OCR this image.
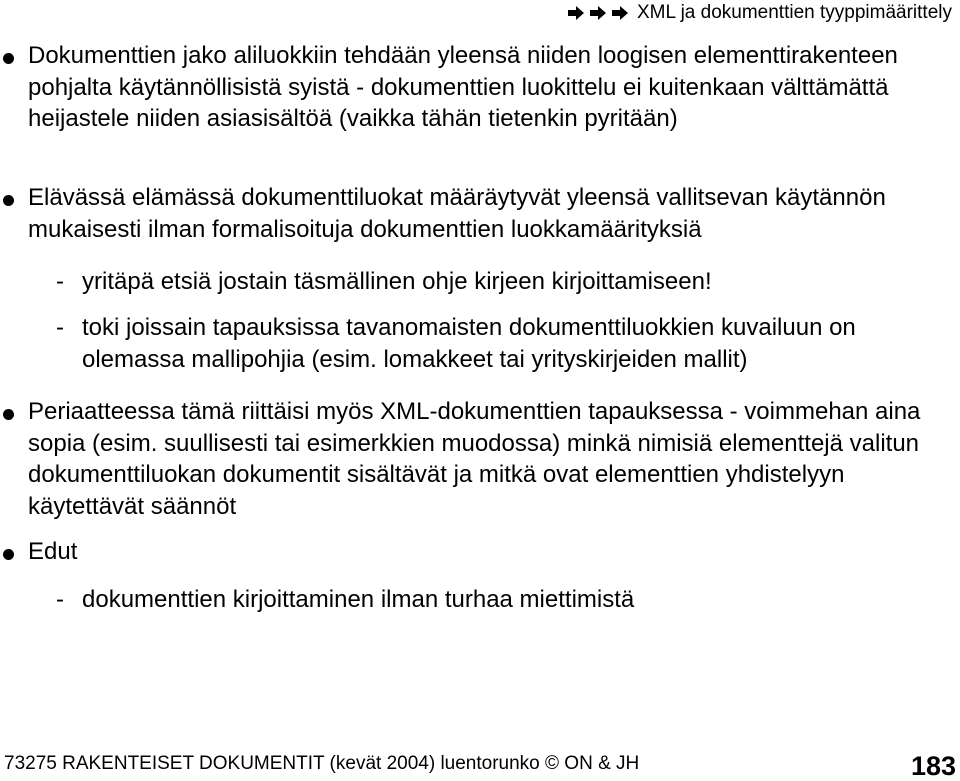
XML ja dokumenttien tyyppimäärittely
Dokumenttien jako aliluokkiin tehdään yleensä niiden loogisen elementtirakenteen pohjalta käytännöllisistä syistä - dokumenttien luokittelu ei kuitenkaan välttämättä heijastele niiden asiasisältöä (vaikka tähän tietenkin pyritään)
Elävässä elämässä dokumenttiluokat määräytyvät yleensä vallitsevan käytännön mukaisesti ilman formalisoituja dokumenttien luokkamäärityksiä
- yritäpä etsiä jostain täsmällinen ohje kirjeen kirjoittamiseen!
- toki joissain tapauksissa tavanomaisten dokumenttiluokkien kuvailuun on olemassa mallipohjia (esim. lomakkeet tai yrityskirjeiden mallit)
Periaatteessa tämä riittäisi myös XML-dokumenttien tapauksessa - voimmehan aina sopia (esim. suullisesti tai esimerkkien muodossa) minkä nimisiä elementtejä valitun dokumenttiluokan dokumentit sisältävät ja mitkä ovat elementtien yhdistelyyn käytettävät säännöt
Edut
- dokumenttien kirjoittaminen ilman turhaa miettimistä
73275 RAKENTEISET DOKUMENTIT (kevät 2004) luentorunko © ON & JH	183
